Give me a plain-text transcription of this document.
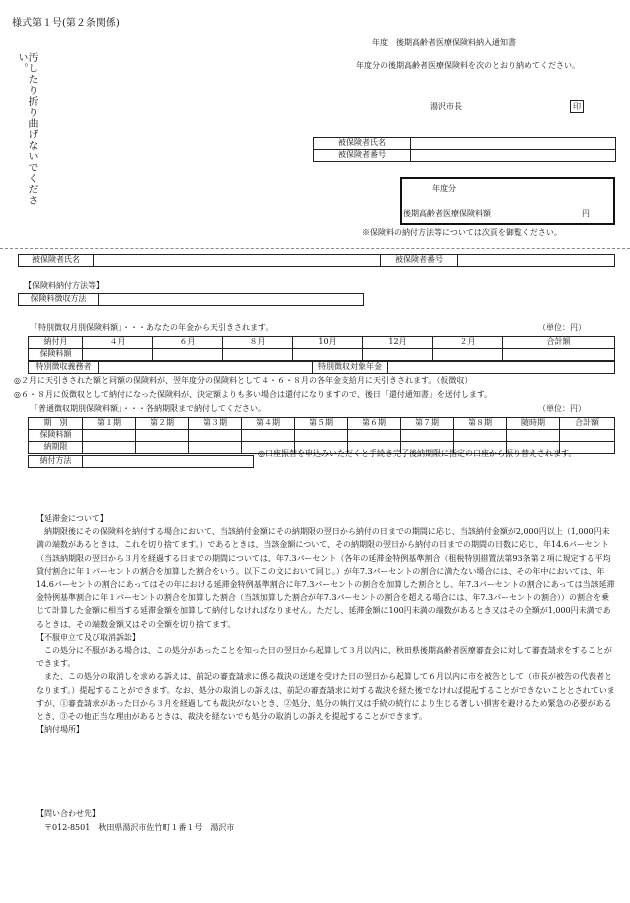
様式第１号(第２条関係)
汚したり折り曲げないでください。
年度　後期高齢者医療保険料納入通知書
年度分の後期高齢者医療保険料を次のとおり納めてください。
湯沢市長	印
被保険者氏名	
被保険者番号	
年度分
後期高齢者医療保険料額	円
※保険料の納付方法等については次頁を御覧ください。
被保険者氏名		被保険者番号	
【保険料納付方法等】
保険料徴収方法	
「特別徴収月別保険料額」・・・あなたの年金から天引きされます。	（単位：円）
納付月	４月	６月	８月	10月	12月	２月	合計額
保険料額							
特別徴収義務者		特別徴収対象年金	
◎２月に天引きされた額と同額の保険料が、翌年度分の保険料として４・６・８月の各年金支給月に天引きされます。（仮徴収）
◎６・８月に仮徴収として納付になった保険料が、決定額よりも多い場合は還付になりますので、後日「還付通知書」を送付します。
「普通徴収期別保険料額」・・・各納期限まで納付してください。	（単位：円）
期　別	第１期	第２期	第３期	第４期	第５期	第６期	第７期	第８期	随時期	合計額
保険料額										
納期限										
納付方法	
◎口座振替を申込みいただくと手続き完了後納期限に指定の口座から振り替えされます。
【延滞金について】
納期限後にその保険料を納付する場合において、当該納付金額にその納期限の翌日から納付の日までの期間に応じ、当該納付金額が2,000円以上（1,000円未満の端数があるときは、これを切り捨てます。）であるときは、当該金額について、その納期限の翌日から納付の日までの期間の日数に応じ、年14.6パーセント（当該納期限の翌日から３月を経過する日までの期間については、年7.3パーセント（各年の延滞金特例基準割合（租税特別措置法第93条第２項に規定する平均貸付割合に年１パーセントの割合を加算した割合をいう。以下この文において同じ。）が年7.3パーセントの割合に満たない場合には、その年中においては、年14.6パーセントの割合にあってはその年における延滞金特例基準割合に年7.3パーセントの割合を加算した割合とし、年7.3パーセントの割合にあっては当該延滞金特例基準割合に年１パーセントの割合を加算した割合（当該加算した割合が年7.3パーセントの割合を超える場合には、年7.3パーセントの割合））の割合を乗じて計算した金額に相当する延滞金額を加算して納付しなければなりません。ただし、延滞金額に100円未満の端数があるとき又はその全額が1,000円未満であるときは、その端数金額又はその全額を切り捨てます。
【不服申立て及び取消訴訟】
この処分に不服がある場合は、この処分があったことを知った日の翌日から起算して３月以内に、秋田県後期高齢者医療審査会に対して審査請求をすることができます。
また、この処分の取消しを求める訴えは、前記の審査請求に係る裁決の送達を受けた日の翌日から起算して６月以内に市を被告として（市長が被告の代表者となります。）提起することができます。なお、処分の取消しの訴えは、前記の審査請求に対する裁決を経た後でなければ提起することができないこととされていますが、①審査請求があった日から３月を経過しても裁決がないとき、②処分、処分の執行又は手続の続行により生じる著しい損害を避けるため緊急の必要があるとき、③その他正当な理由があるときは、裁決を経ないでも処分の取消しの訴えを提起することができます。
【納付場所】
【問い合わせ先】
〒012-8501　秋田県湯沢市佐竹町１番１号　湯沢市
